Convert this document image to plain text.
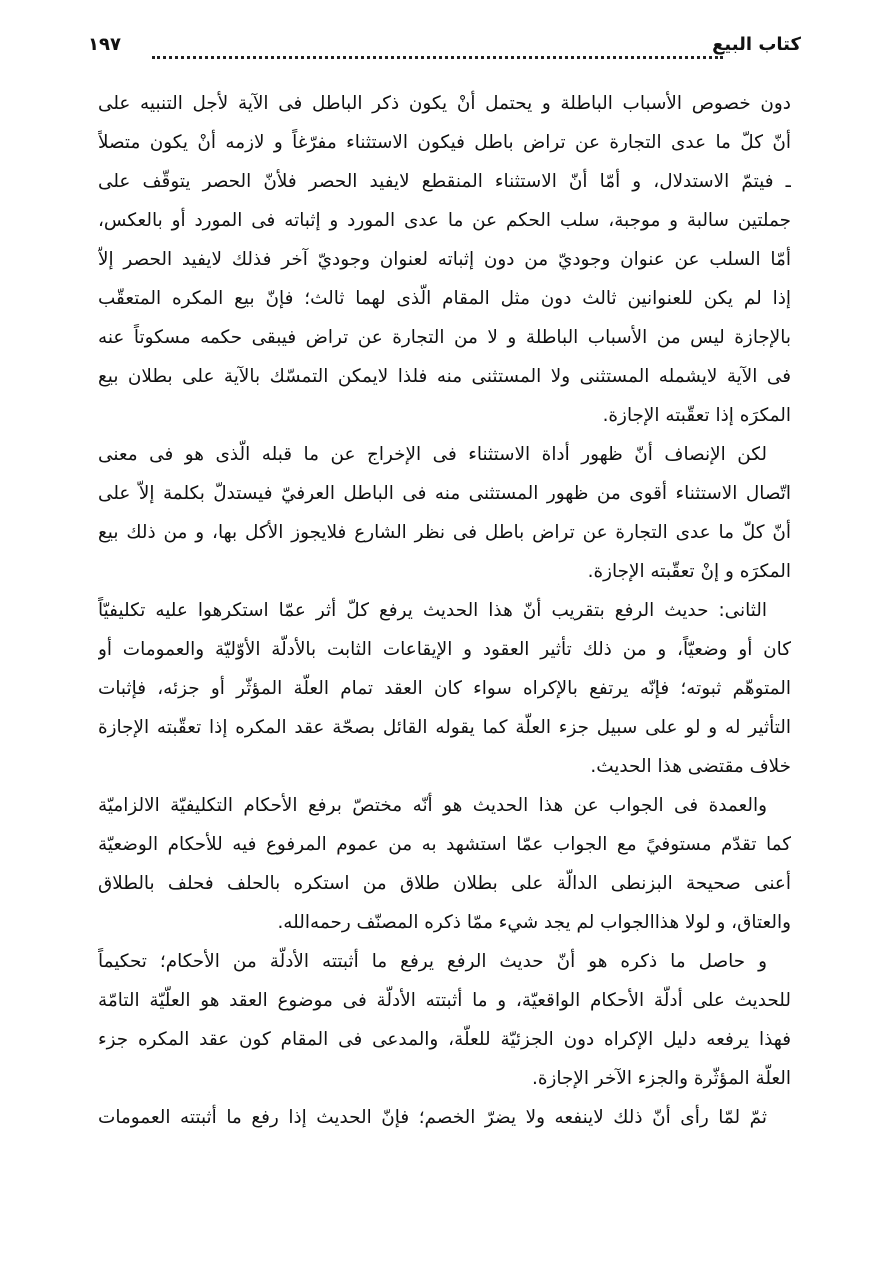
كتاب البيع
١٩٧
دون خصوص الأسباب الباطلة و يحتمل أنْ يكون ذكر الباطل فى الآية لأجل التنبيه على
أنّ كلّ ما عدى التجارة عن تراض باطل فيكون الاستثناء مفرّغاً و لازمه أنْ يكون متصلاً
ـ فيتمّ الاستدلال، و أمّا أنّ الاستثناء المنقطع لايفيد الحصر فلأنّ الحصر يتوقّف على
جملتين سالبة و موجبة، سلب الحكم عن ما عدى المورد و إثباته فى المورد أو بالعكس،
أمّا السلب عن عنوان وجوديّ من دون إثباته لعنوان وجوديّ آخر فذلك لايفيد الحصر إلاّ
إذا لم يكن للعنوانين ثالث دون مثل المقام الّذى لهما ثالث؛ فإنّ بيع المكره المتعقّب
بالإجازة ليس من الأسباب الباطلة و لا من التجارة عن تراض فيبقى حكمه مسكوتاً عنه
فى الآية لايشمله المستثنى ولا المستثنى منه فلذا لايمكن التمسّك بالآية على بطلان بيع
المكرَه إذا تعقّبته الإجازة.
لكن الإنصاف أنّ ظهور أداة الاستثناء فى الإخراج عن ما قبله الّذى هو فى معنى
اتّصال الاستثناء أقوى من ظهور المستثنى منه فى الباطل العرفيّ فيستدلّ بكلمة إلاّ على
أنّ كلّ ما عدى التجارة عن تراض باطل فى نظر الشارع فلايجوز الأكل بها، و من ذلك بيع
المكرَه و إنْ تعقّبته الإجازة.
الثانى: حديث الرفع بتقريب أنّ هذا الحديث يرفع كلّ أثر عمّا استكرهوا عليه تكليفيّاً
كان أو وضعيّاً، و من ذلك تأثير العقود و الإيقاعات الثابت بالأدلّة الأوّليّة والعمومات أو
المتوهّم ثبوته؛ فإنّه يرتفع بالإكراه سواء كان العقد تمام العلّة المؤثّر أو جزئه، فإثبات
التأثير له و لو على سبيل جزء العلّة كما يقوله القائل بصحّة عقد المكره إذا تعقّبته الإجازة
خلاف مقتضى هذا الحديث.
والعمدة فى الجواب عن هذا الحديث هو أنّه مختصّ برفع الأحكام التكليفيّة الالزاميّة
كما تقدّم مستوفيً مع الجواب عمّا استشهد به من عموم المرفوع فيه للأحكام الوضعيّة
أعنى صحيحة البزنطى الدالّة على بطلان طلاق من استكره بالحلف فحلف بالطلاق
والعتاق، و لولا هذاالجواب لم يجد شيء ممّا ذكره المصنّف رحمه‌الله.
و حاصل ما ذكره هو أنّ حديث الرفع يرفع ما أثبتته الأدلّة من الأحكام؛ تحكيماً
للحديث على أدلّة الأحكام الواقعيّة، و ما أثبتته الأدلّة فى موضوع العقد هو العلّيّة التامّة
فهذا يرفعه دليل الإكراه دون الجزئيّة للعلّة، والمدعى فى المقام كون عقد المكره جزء
العلّة المؤثّرة والجزء الآخر الإجازة.
ثمّ لمّا رأى أنّ ذلك لاينفعه ولا يضرّ الخصم؛ فإنّ الحديث إذا رفع ما أثبتته العمومات
